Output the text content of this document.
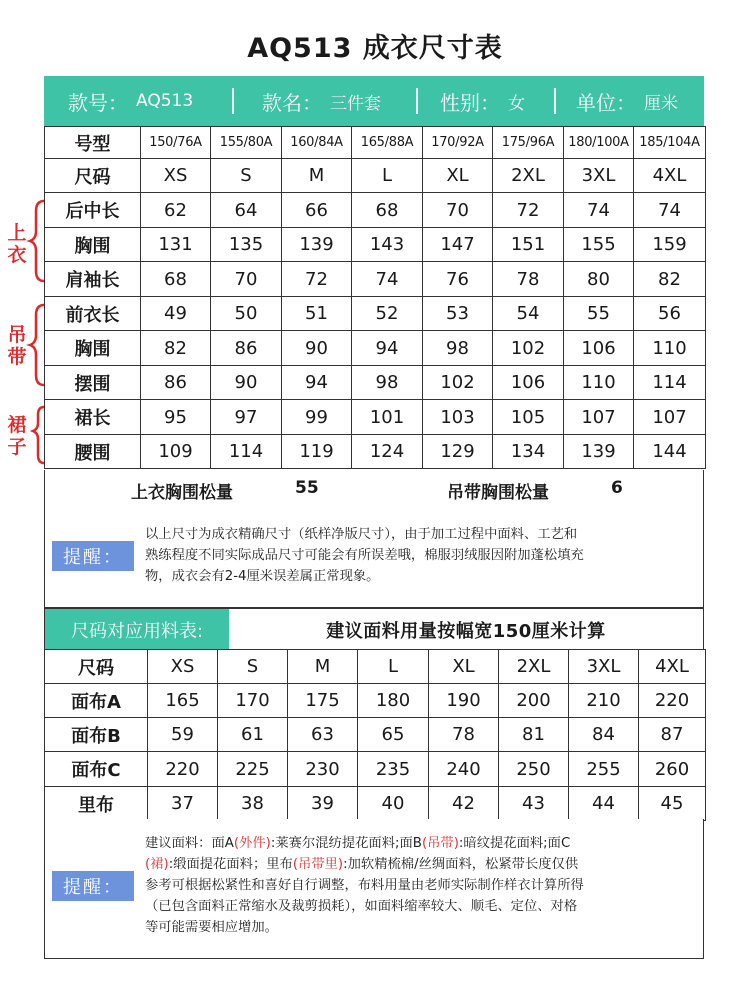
AQ513 成衣尺寸表
款号： AQ513	款名： 三件套	性别： 女	单位： 厘米
上衣
吊带
裙子
号型	150/76A	155/80A	160/84A	165/88A	170/92A	175/96A	180/100A	185/104A
尺码	XS	S	M	L	XL	2XL	3XL	4XL
后中长	62	64	66	68	70	72	74	74
胸围	131	135	139	143	147	151	155	159
肩袖长	68	70	72	74	76	78	80	82
前衣长	49	50	51	52	53	54	55	56
胸围	82	86	90	94	98	102	106	110
摆围	86	90	94	98	102	106	110	114
裙长	95	97	99	101	103	105	107	107
腰围	109	114	119	124	129	134	139	144
上衣胸围松量	55	吊带胸围松量	6
提醒：
以上尺寸为成衣精确尺寸（纸样净版尺寸），由于加工过程中面料、工艺和
熟练程度不同实际成品尺寸可能会有所误差哦，棉服羽绒服因附加蓬松填充
物，成衣会有2-4厘米误差属正常现象。
尺码对应用料表:	建议面料用量按幅宽150厘米计算
尺码	XS	S	M	L	XL	2XL	3XL	4XL
面布A	165	170	175	180	190	200	210	220
面布B	59	61	63	65	78	81	84	87
面布C	220	225	230	235	240	250	255	260
里布	37	38	39	40	42	43	44	45
提醒：
建议面料：面A(外件):莱赛尔混纺提花面料;面B(吊带):暗纹提花面料;面C
(裙):缎面提花面料；里布(吊带里):加软精梳棉/丝绸面料，松紧带长度仅供
参考可根据松紧性和喜好自行调整，布料用量由老师实际制作样衣计算所得
（已包含面料正常缩水及裁剪损耗），如面料缩率较大、顺毛、定位、对格
等可能需要相应增加。
